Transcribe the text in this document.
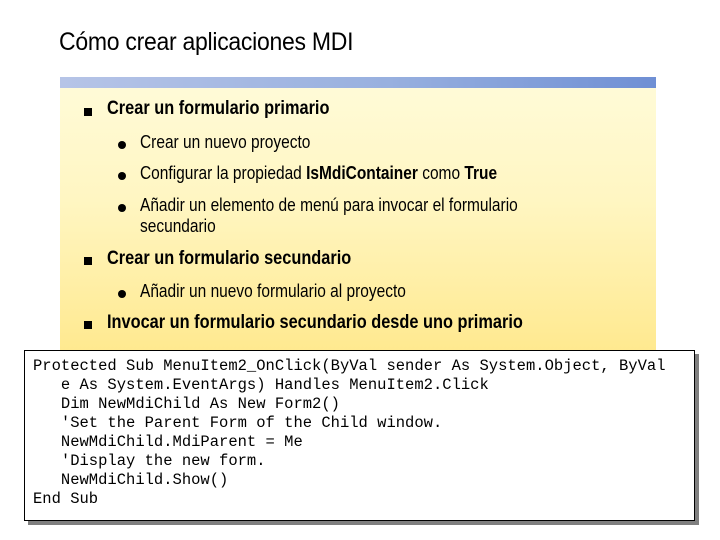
Cómo crear aplicaciones MDI
Crear un formulario primario
Crear un nuevo proyecto
Configurar la propiedad IsMdiContainer como True
Añadir un elemento de menú para invocar el formulario
secundario
Crear un formulario secundario
Añadir un nuevo formulario al proyecto
Invocar un formulario secundario desde uno primario
Protected Sub MenuItem2_OnClick(ByVal sender As System.Object, ByVal
e As System.EventArgs) Handles MenuItem2.Click
Dim NewMdiChild As New Form2()
'Set the Parent Form of the Child window.
NewMdiChild.MdiParent = Me
'Display the new form.
NewMdiChild.Show()
End Sub
